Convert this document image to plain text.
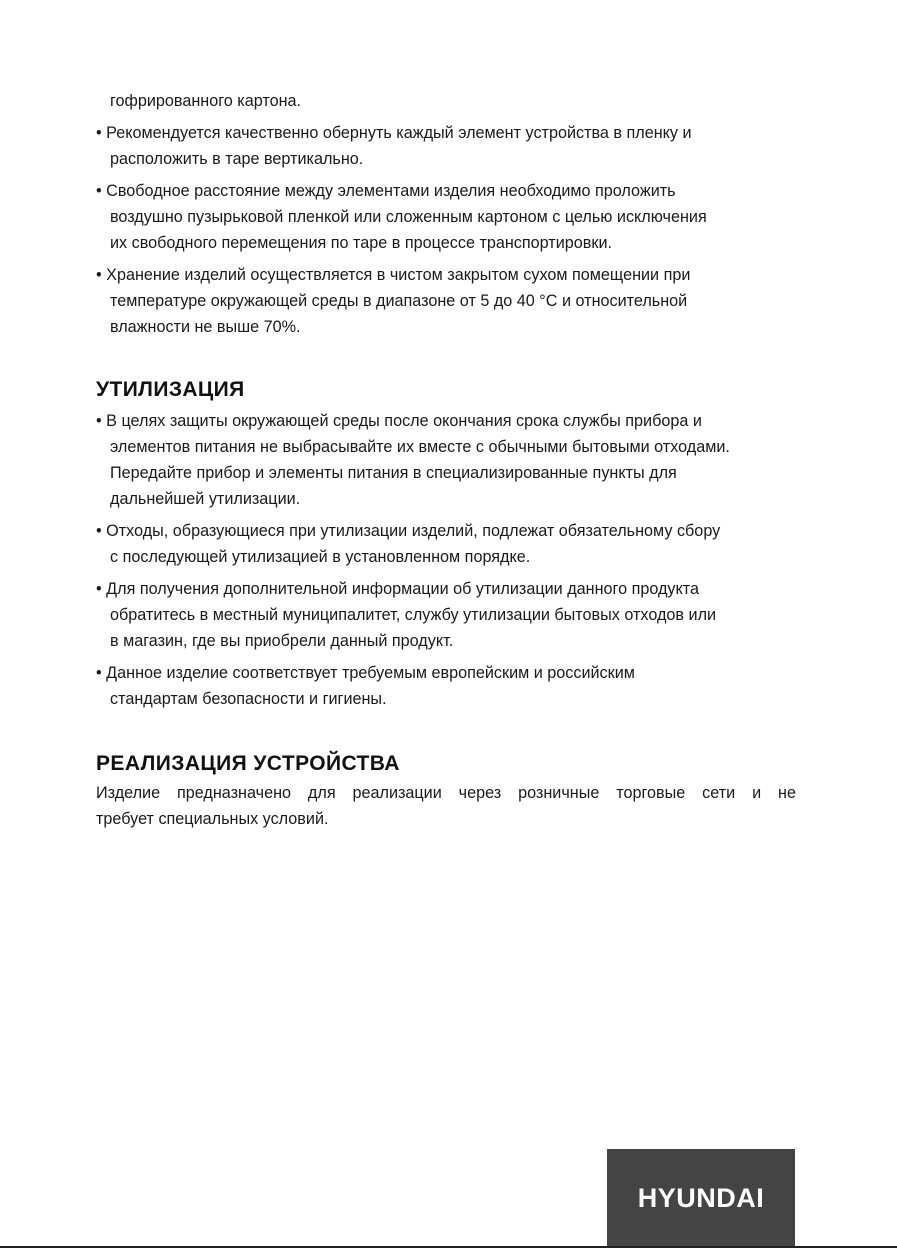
гофрированного картона.
• Рекомендуется качественно обернуть каждый элемент устройства в пленку и
расположить в таре вертикально.
• Свободное расстояние между элементами изделия необходимо проложить
воздушно пузырьковой пленкой или сложенным картоном с целью исключения
их свободного перемещения по таре в процессе транспортировки.
• Хранение изделий осуществляется в чистом закрытом сухом помещении при
температуре окружающей среды в диапазоне от 5 до 40 °С и относительной
влажности не выше 70%.
УТИЛИЗАЦИЯ
• В целях защиты окружающей среды после окончания срока службы прибора и
элементов питания не выбрасывайте их вместе с обычными бытовыми отходами.
Передайте прибор и элементы питания в специализированные пункты для
дальнейшей утилизации.
• Отходы, образующиеся при утилизации изделий, подлежат обязательному сбору
с последующей утилизацией в установленном порядке.
• Для получения дополнительной информации об утилизации данного продукта
обратитесь в местный муниципалитет, службу утилизации бытовых отходов или
в магазин, где вы приобрели данный продукт.
• Данное изделие соответствует требуемым европейским и российским
стандартам безопасности и гигиены.
РЕАЛИЗАЦИЯ УСТРОЙСТВА
Изделие предназначено для реализации через розничные торговые сети и не
требует специальных условий.
HYUNDAI
